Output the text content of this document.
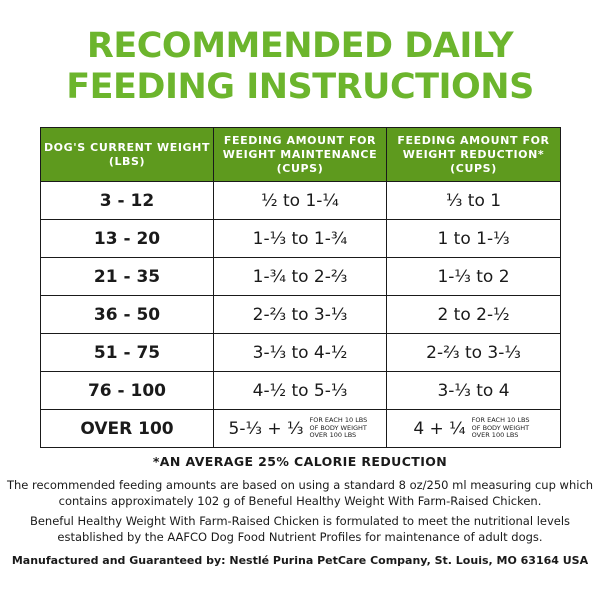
RECOMMENDED DAILY
FEEDING INSTRUCTIONS
DOG'S CURRENT WEIGHT (LBS)	FEEDING AMOUNT FOR WEIGHT MAINTENANCE (CUPS)	FEEDING AMOUNT FOR WEIGHT REDUCTION* (CUPS)
3 - 12	½ to 1-¼	⅓ to 1
13 - 20	1-⅓ to 1-¾	1 to 1-⅓
21 - 35	1-¾ to 2-⅔	1-⅓ to 2
36 - 50	2-⅔ to 3-⅓	2 to 2-½
51 - 75	3-⅓ to 4-½	2-⅔ to 3-⅓
76 - 100	4-½ to 5-⅓	3-⅓ to 4
OVER 100	5-⅓ + ⅓ FOR EACH 10 LBS OF BODY WEIGHT OVER 100 LBS	4 + ¼ FOR EACH 10 LBS OF BODY WEIGHT OVER 100 LBS
*AN AVERAGE 25% CALORIE REDUCTION
The recommended feeding amounts are based on using a standard 8 oz/250 ml measuring cup which contains approximately 102 g of Beneful Healthy Weight With Farm-Raised Chicken.
Beneful Healthy Weight With Farm-Raised Chicken is formulated to meet the nutritional levels established by the AAFCO Dog Food Nutrient Profiles for maintenance of adult dogs.
Manufactured and Guaranteed by: Nestlé Purina PetCare Company, St. Louis, MO 63164 USA
